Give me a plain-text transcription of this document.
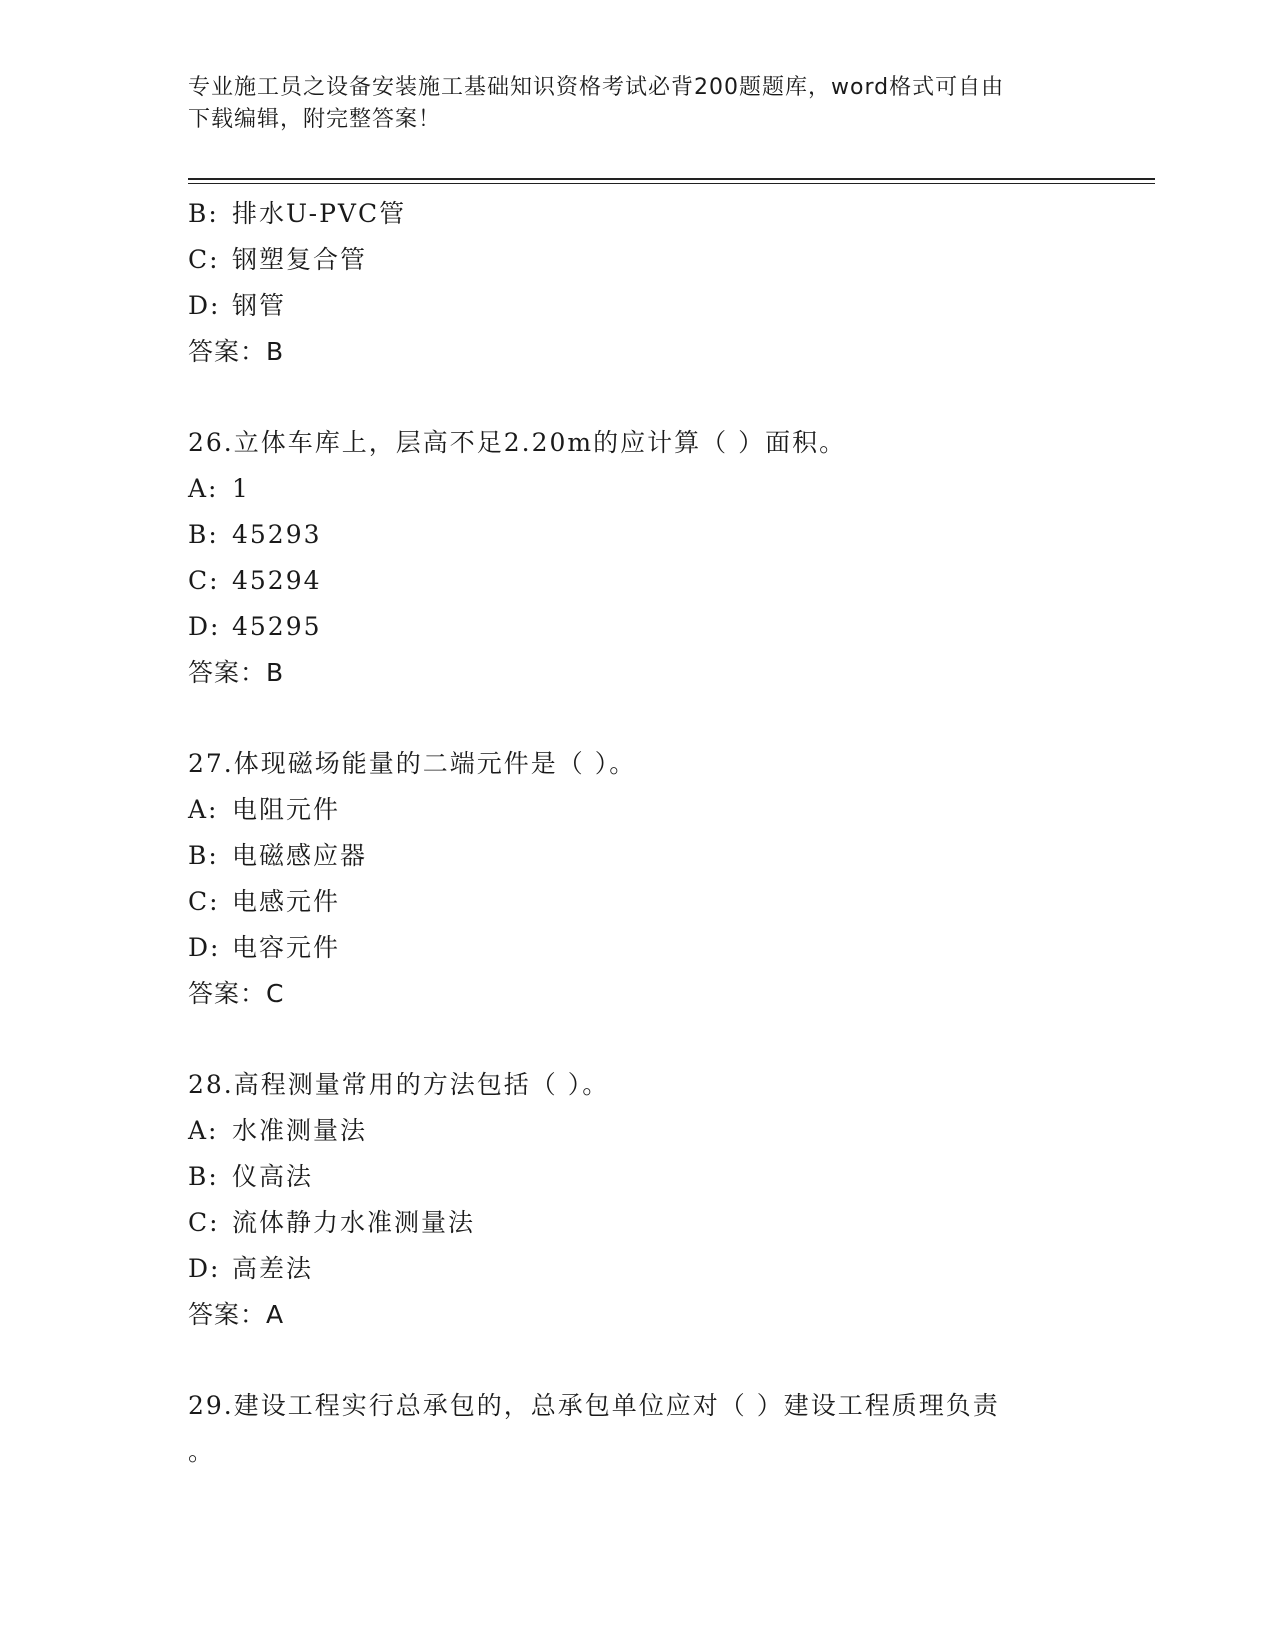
专业施工员之设备安装施工基础知识资格考试必背200题题库，word格式可自由
下载编辑，附完整答案！
B: 排水U-PVC管
C: 钢塑复合管
D: 钢管
答案：B
26.立体车库上，层高不足2.20m的应计算（ ）面积。
A: 1
B: 45293
C: 45294
D: 45295
答案：B
27.体现磁场能量的二端元件是（ ）。
A: 电阻元件
B: 电磁感应器
C: 电感元件
D: 电容元件
答案：C
28.高程测量常用的方法包括（ ）。
A: 水准测量法
B: 仪高法
C: 流体静力水准测量法
D: 高差法
答案：A
29.建设工程实行总承包的，总承包单位应对（ ）建设工程质理负责
。
